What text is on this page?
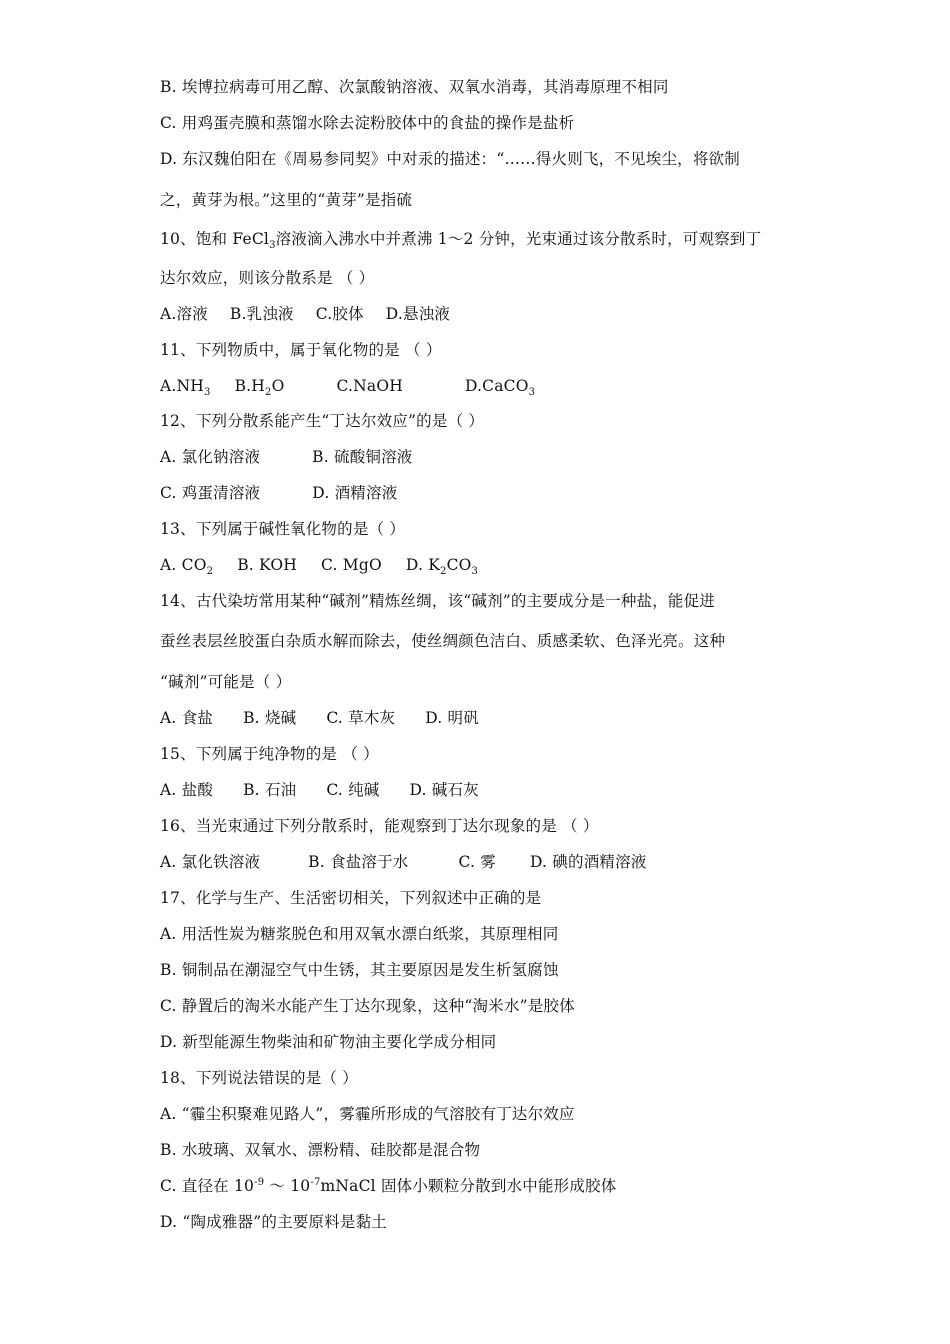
B. 埃博拉病毒可用乙醇、次氯酸钠溶液、双氧水消毒，其消毒原理不相同
C. 用鸡蛋壳膜和蒸馏水除去淀粉胶体中的食盐的操作是盐析
D. 东汉魏伯阳在《周易参同契》中对汞的描述：“……得火则飞，不见埃尘，将欲制
之，黄芽为根。”这里的“黄芽”是指硫
10、饱和 FeCl$_3$溶液滴入沸水中并煮沸 1～2 分钟，光束通过该分散系时，可观察到丁
达尔效应，则该分散系是 （ ）
A.溶液 B.乳浊液 C.胶体 D.悬浊液
11、下列物质中，属于氧化物的是 （ ）
$A.NH_3$ $B.H_2O$	C.NaOH	D.CaCO$_3$
12、下列分散系能产生“丁达尔效应”的是（ ）
A. 氯化钠溶液	B. 硫酸铜溶液
C. 鸡蛋清溶液	D. 酒精溶液
13、下列属于碱性氧化物的是（ ）
A. $CO_2$ B. KOH C. MgO D. $K_2CO_3$
14、古代染坊常用某种“碱剂”精炼丝绸，该“碱剂”的主要成分是一种盐，能促进
蚕丝表层丝胶蛋白杂质水解而除去，使丝绸颜色洁白、质感柔软、色泽光亮。这种
“碱剂”可能是（ ）
A. 食盐 B. 烧碱 C. 草木灰 D. 明矾
15、下列属于纯净物的是 （ ）
A. 盐酸 B. 石油 C. 纯碱 D. 碱石灰
16、当光束通过下列分散系时，能观察到丁达尔现象的是 （ ）
A. 氯化铁溶液	B. 食盐溶于水	C. 雾 D. 碘的酒精溶液
17、化学与生产、生活密切相关，下列叙述中正确的是
A. 用活性炭为糖浆脱色和用双氧水漂白纸浆，其原理相同
B. 铜制品在潮湿空气中生锈，其主要原因是发生析氢腐蚀
C. 静置后的淘米水能产生丁达尔现象，这种“淘米水”是胶体
D. 新型能源生物柴油和矿物油主要化学成分相同
18、下列说法错误的是（ ）
A. “霾尘积聚难见路人”，雾霾所形成的气溶胶有丁达尔效应
B. 水玻璃、双氧水、漂粉精、硅胶都是混合物
C. 直径在 $10^{-9}$ ～ $10^{-7}mNaCl$ 固体小颗粒分散到水中能形成胶体
D. “陶成雅器”的主要原料是黏土
